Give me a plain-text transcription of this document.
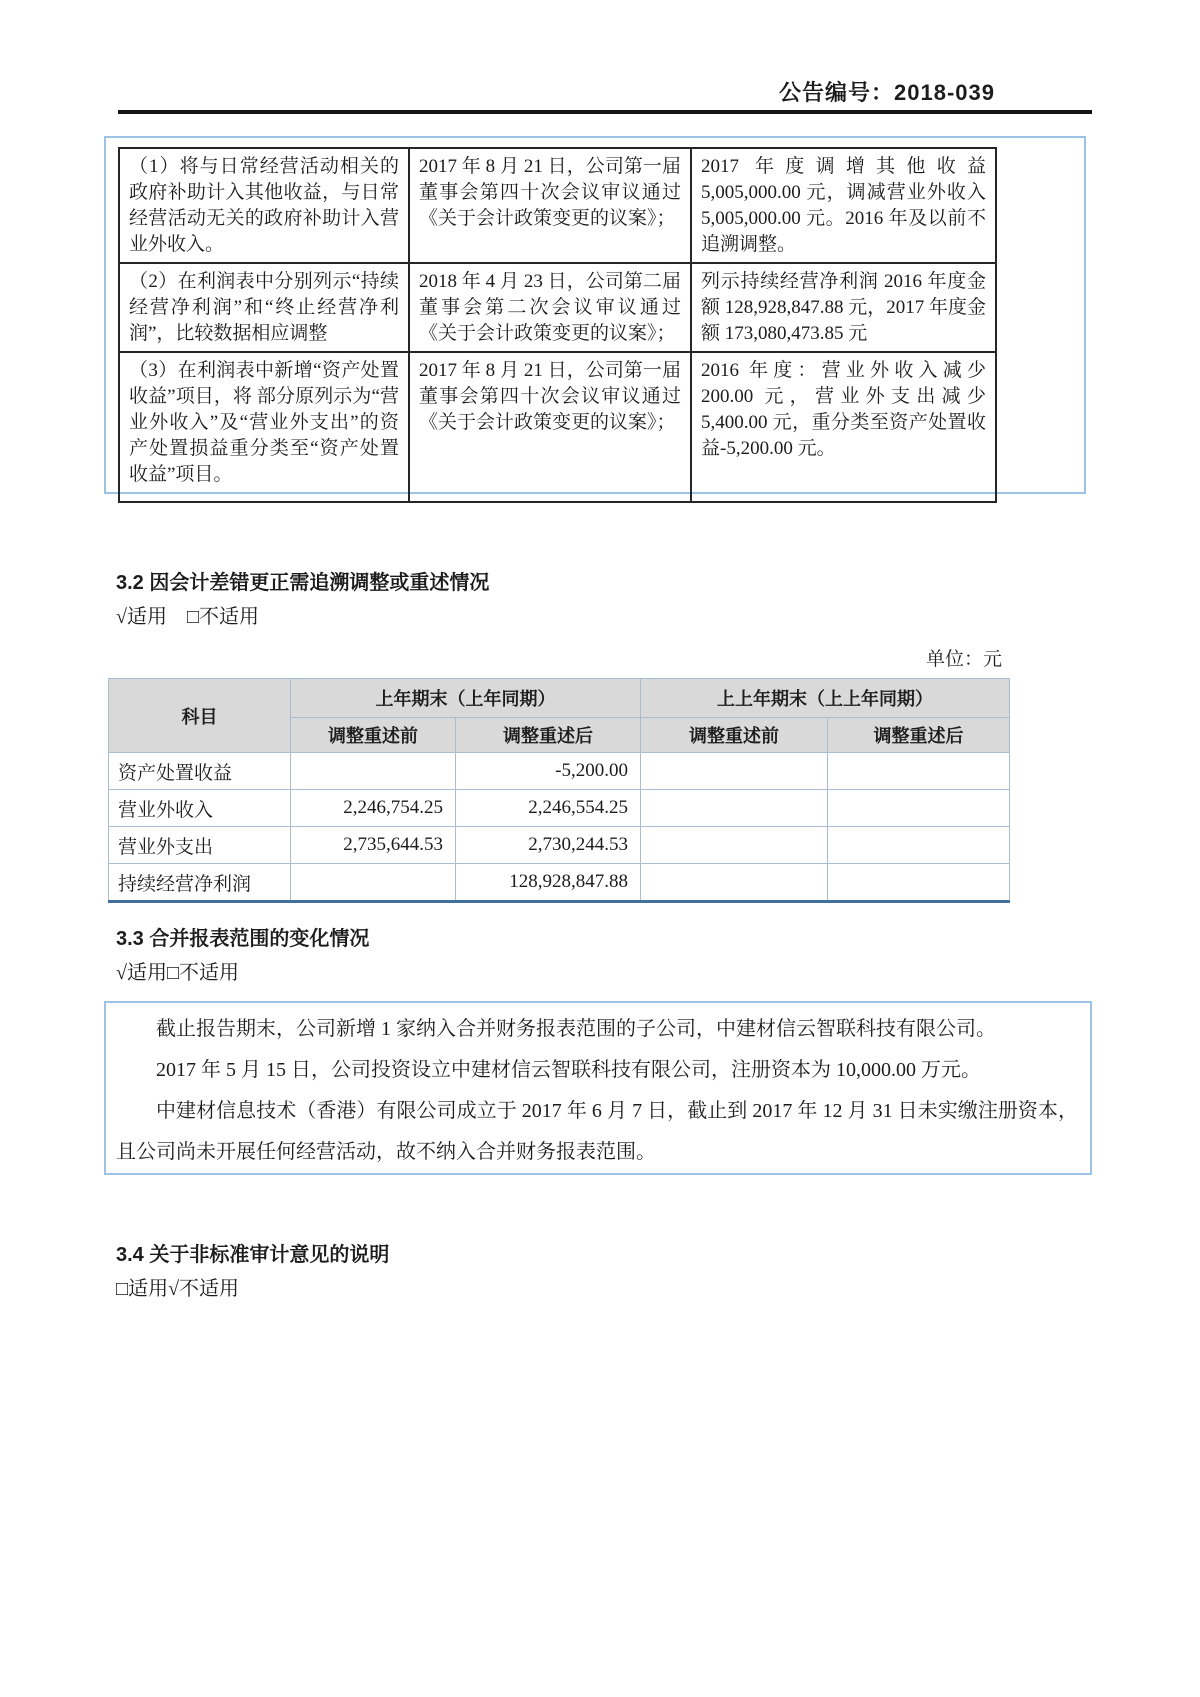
公告编号：2018-039
（1）将与日常经营活动相关的政府补助计入其他收益，与日常经营活动无关的政府补助计入营业外收入。	2017 年 8 月 21 日，公司第一届董事会第四十次会议审议通过《关于会计政策变更的议案》；	2017 年度调增其他收益 5,005,000.00 元，调减营业外收入 5,005,000.00 元。2016 年及以前不追溯调整。
（2）在利润表中分别列示“持续经营净利润”和“终止经营净利润”，比较数据相应调整	2018 年 4 月 23 日，公司第二届董事会第二次会议审议通过《关于会计政策变更的议案》；	列示持续经营净利润 2016 年度金额 128,928,847.88 元，2017 年度金额 173,080,473.85 元
（3）在利润表中新增“资产处置收益”项目，将 部分原列示为“营业外收入”及“营业外支出”的资产处置损益重分类至“资产处置收益”项目。	2017 年 8 月 21 日，公司第一届董事会第四十次会议审议通过《关于会计政策变更的议案》；	2016 年度：营业外收入减少 200.00 元，营业外支出减少 5,400.00 元，重分类至资产处置收益-5,200.00 元。
3.2 因会计差错更正需追溯调整或重述情况
√适用　□不适用
单位：元
科目	上年期末（上年同期）		上上年期末（上上年同期）	
	调整重述前	调整重述后	调整重述前	调整重述后
资产处置收益		-5,200.00		
营业外收入	2,246,754.25	2,246,554.25		
营业外支出	2,735,644.53	2,730,244.53		
持续经营净利润		128,928,847.88		
3.3 合并报表范围的变化情况
√适用□不适用

截止报告期末，公司新增 1 家纳入合并财务报表范围的子公司，中建材信云智联科技有限公司。

2017 年 5 月 15 日，公司投资设立中建材信云智联科技有限公司，注册资本为 10,000.00 万元。

中建材信息技术（香港）有限公司成立于 2017 年 6 月 7 日，截止到 2017 年 12 月 31 日未实缴注册资本，且公司尚未开展任何经营活动，故不纳入合并财务报表范围。

3.4 关于非标准审计意见的说明
□适用√不适用
